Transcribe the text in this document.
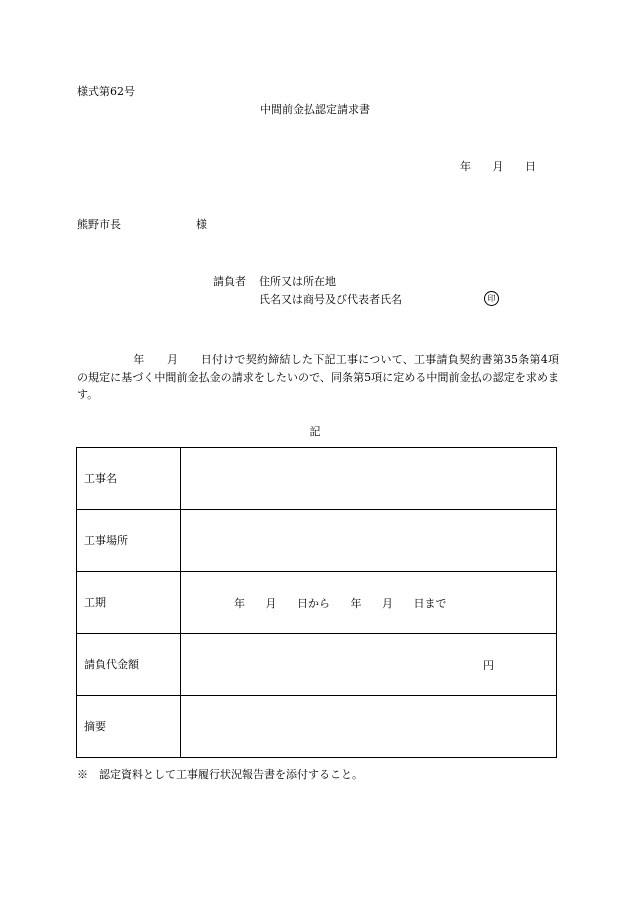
様式第62号
中間前金払認定請求書
年 月 日
熊野市長	様
請負者 住所又は所在地
氏名又は商号及び代表者氏名	印
　　　　　年　　月　　日付けで契約締結した下記工事について、工事請負契約書第35条第4項の規定に基づく中間前金払金の請求をしたいので、同条第5項に定める中間前金払の認定を求めます。
記
工事名	
工事場所	
工期	年 月 日から 年 月 日まで

請負代金額	円

摘要	
※　認定資料として工事履行状況報告書を添付すること。
